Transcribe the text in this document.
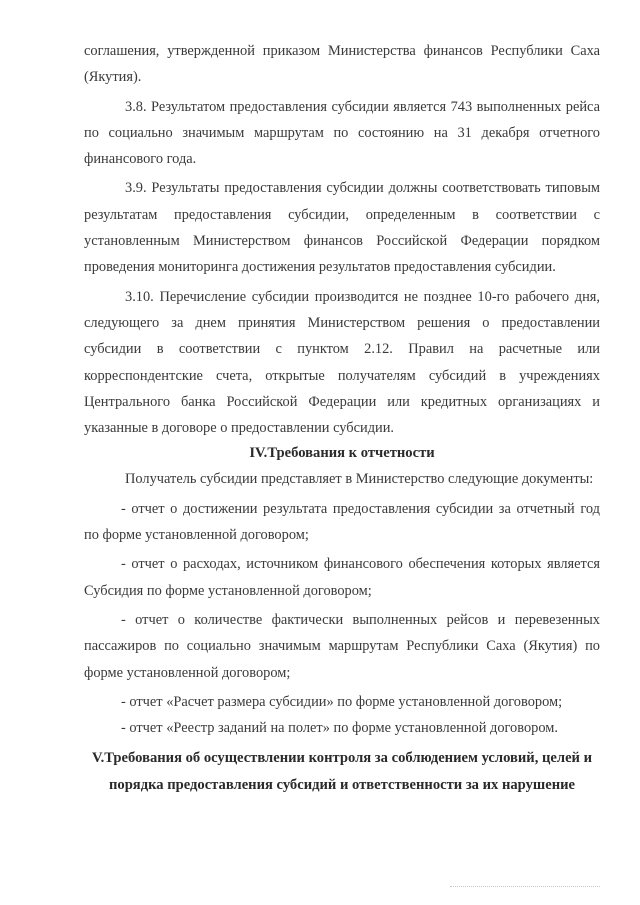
соглашения, утвержденной приказом Министерства финансов Республики Саха (Якутия).

3.8. Результатом предоставления субсидии является 743 выполненных рейса по социально значимым маршрутам по состоянию на 31 декабря отчетного финансового года.

3.9. Результаты предоставления субсидии должны соответствовать типовым результатам предоставления субсидии, определенным в соответствии с установленным Министерством финансов Российской Федерации порядком проведения мониторинга достижения результатов предоставления субсидии.

3.10. Перечисление субсидии производится не позднее 10-го рабочего дня, следующего за днем принятия Министерством решения о предоставлении субсидии в соответствии с пунктом 2.12. Правил на расчетные или корреспондентские счета, открытые получателям субсидий в учреждениях Центрального банка Российской Федерации или кредитных организациях и указанные в договоре о предоставлении субсидии.

IV.Требования к отчетности

Получатель субсидии представляет в Министерство следующие документы:

- отчет о достижении результата предоставления субсидии за отчетный год по форме установленной договором;

- отчет о расходах, источником финансового обеспечения которых является Субсидия по форме установленной договором;

- отчет о количестве фактически выполненных рейсов и перевезенных пассажиров по социально значимым маршрутам Республики Саха (Якутия) по форме установленной договором;

- отчет «Расчет размера субсидии» по форме установленной договором;

- отчет «Реестр заданий на полет» по форме установленной договором.

V.Требования об осуществлении контроля за соблюдением условий, целей и порядка предоставления субсидий и ответственности за их нарушение
